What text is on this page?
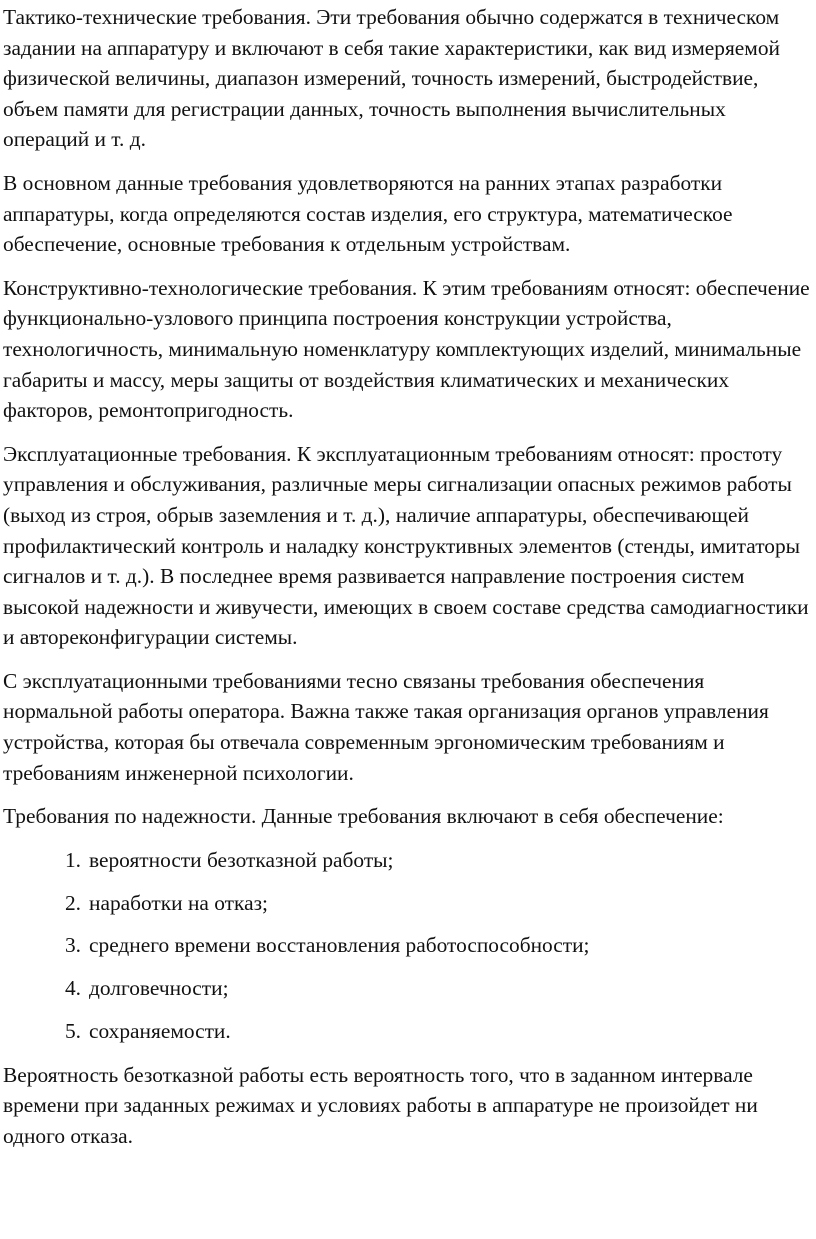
Тактико-технические требования. Эти требования обычно содержатся в техническом задании на аппаратуру и включают в себя такие характеристики, как вид измеряемой физической величины, диапазон измерений, точность измерений, быстродействие, объем памяти для регистрации данных, точность выполнения вычислительных операций и т. д.

В основном данные требования удовлетворяются на ранних этапах разработки аппаратуры, когда определяются состав изделия, его структура, математическое обеспечение, основные требования к отдельным устройствам.

Конструктивно-технологические требования. К этим требованиям относят: обеспечение функционально-узлового принципа построения конструкции устройства, технологичность, минимальную номенклатуру комплектующих изделий, минимальные габариты и массу, меры защиты от воздействия климатических и механических факторов, ремонтопригодность.

Эксплуатационные требования. К эксплуатационным требованиям относят: простоту управления и обслуживания, различные меры сигнализации опасных режимов работы (выход из строя, обрыв заземления и т. д.), наличие аппаратуры, обеспечивающей профилактический контроль и наладку конструктивных элементов (стенды, имитаторы сигналов и т. д.). В последнее время развивается направление построения систем высокой надежности и живучести, имеющих в своем составе средства самодиагностики и автореконфигурации системы.

С эксплуатационными требованиями тесно связаны требования обеспечения нормальной работы оператора. Важна также такая организация органов управления устройства, которая бы отвечала современным эргономическим требованиям и требованиям инженерной психологии.

Требования по надежности. Данные требования включают в себя обеспечение:

1. вероятности безотказной работы;
2. наработки на отказ;
3. среднего времени восстановления работоспособности;
4. долговечности;
5. сохраняемости.

Вероятность безотказной работы есть вероятность того, что в заданном интервале времени при заданных режимах и условиях работы в аппаратуре не произойдет ни одного отказа.
